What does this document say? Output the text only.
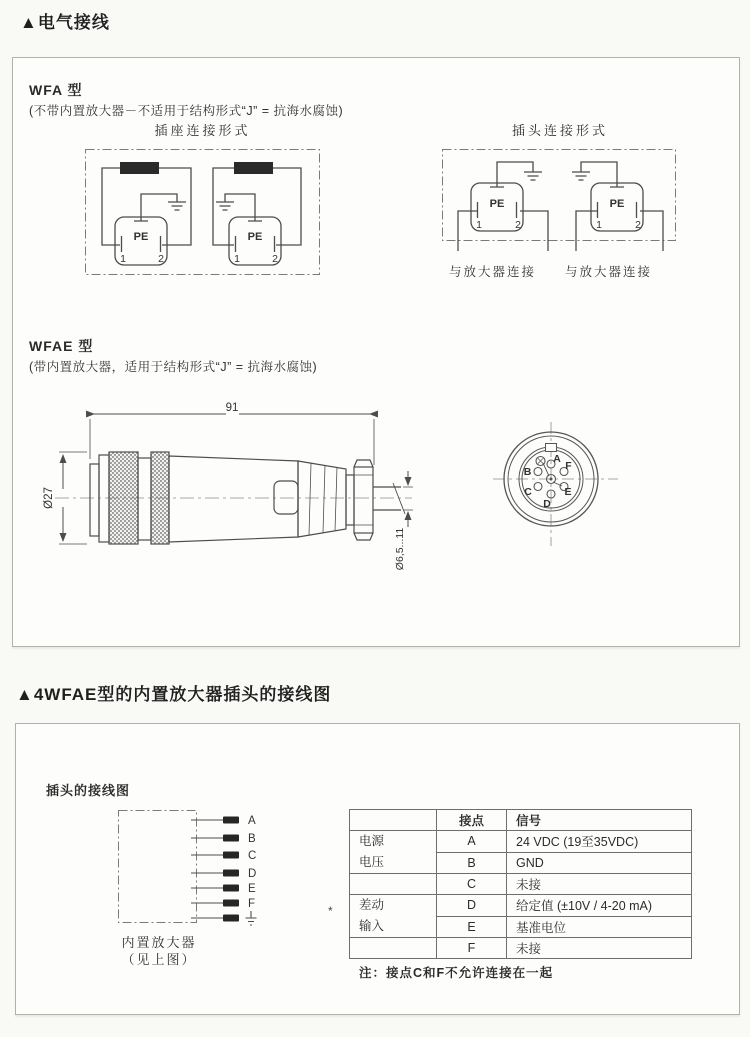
▲电气接线
WFA 型
(不带内置放大器－不适用于结构形式“J” = 抗海水腐蚀)
插座连接形式
PE
1	2
PE
1	2
插头连接形式
PE
1	2
PE
1	2
与放大器连接	与放大器连接
WFAE 型
(带内置放大器，适用于结构形式“J” = 抗海水腐蚀)
91
Ø27
Ø6,5...11
A
B
C
D
E
F
▲4WFAE型的内置放大器插头的接线图
插头的接线图
A
B
C
D
E
F
内置放大器
（见上图）
*
	接点	信号

电源
电压	A	24 VDC (19至35VDC)
	B	GND
	C	未接

差动
输入	D	给定值 (±10V / 4-20 mA)
	E	基准电位
	F	未接
注：接点C和F不允许连接在一起
